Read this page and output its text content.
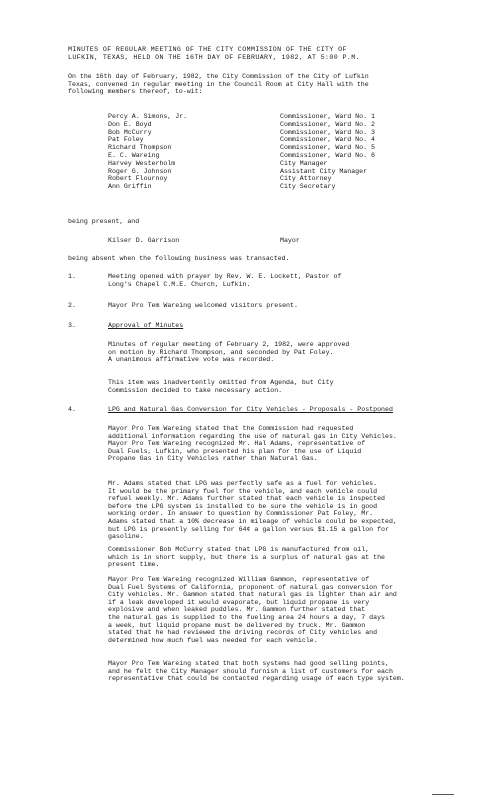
MINUTES OF REGULAR MEETING OF THE CITY COMMISSION OF THE CITY OF
LUFKIN, TEXAS, HELD ON THE 16TH DAY OF FEBRUARY, 1982, AT 5:00 P.M.
On the 16th day of February, 1982, the City Commission of the City of Lufkin
Texas, convened in regular meeting in the Council Room at City Hall with the
following members thereof, to-wit:
Percy A. Simons, Jr.	Commissioner, Ward No. 1
Don E. Boyd	Commissioner, Ward No. 2
Bob McCurry	Commissioner, Ward No. 3
Pat Foley	Commissioner, Ward No. 4
Richard Thompson	Commissioner, Ward No. 5
E. C. Wareing	Commissioner, Ward No. 6
Harvey Westerholm	City Manager
Roger G. Johnson	Assistant City Manager
Robert Flournoy	City Attorney
Ann Griffin	City Secretary
being present, and
Kilser D. Garrison	Mayor
being absent when the following business was transacted.
1.	Meeting opened with prayer by Rev. W. E. Lockett, Pastor of
Long's Chapel C.M.E. Church, Lufkin.
2.	Mayor Pro Tem Wareing welcomed visitors present.
3.	Approval of Minutes
Minutes of regular meeting of February 2, 1982, were approved
on motion by Richard Thompson, and seconded by Pat Foley.
A unanimous affirmative vote was recorded.
This item was inadvertently omitted from Agenda, but City
Commission decided to take necessary action.
4.	LPG and Natural Gas Conversion for City Vehicles - Proposals - Postponed
Mayor Pro Tem Wareing stated that the Commission had requested
additional information regarding the use of natural gas in City Vehicles.
Mayor Pro Tem Wareing recognized Mr. Hal Adams, representative of
Dual Fuels, Lufkin, who presented his plan for the use of Liquid
Propane Gas in City Vehicles rather than Natural Gas.
Mr. Adams stated that LPG was perfectly safe as a fuel for vehicles.
It would be the primary fuel for the vehicle, and each vehicle could
refuel weekly. Mr. Adams further stated that each vehicle is inspected
before the LPG system is installed to be sure the vehicle is in good
working order. In answer to question by Commissioner Pat Foley, Mr.
Adams stated that a 10% decrease in mileage of vehicle could be expected,
but LPG is presently selling for 64¢ a gallon versus $1.15 a gallon for
gasoline.
Commissioner Bob McCurry stated that LPG is manufactured from oil,
which is in short supply, but there is a surplus of natural gas at the
present time.
Mayor Pro Tem Wareing recognized William Gammon, representative of
Dual Fuel Systems of California, proponent of natural gas conversion for
City vehicles. Mr. Gammon stated that natural gas is lighter than air and
if a leak developed it would evaporate, but liquid propane is very
explosive and when leaked puddles. Mr. Gammon further stated that
the natural gas is supplied to the fueling area 24 hours a day, 7 days
a week, but liquid propane must be delivered by truck. Mr. Gammon
stated that he had reviewed the driving records of City vehicles and
determined how much fuel was needed for each vehicle.
Mayor Pro Tem Wareing stated that both systems had good selling points,
and he felt the City Manager should furnish a list of customers for each
representative that could be contacted regarding usage of each type system.
